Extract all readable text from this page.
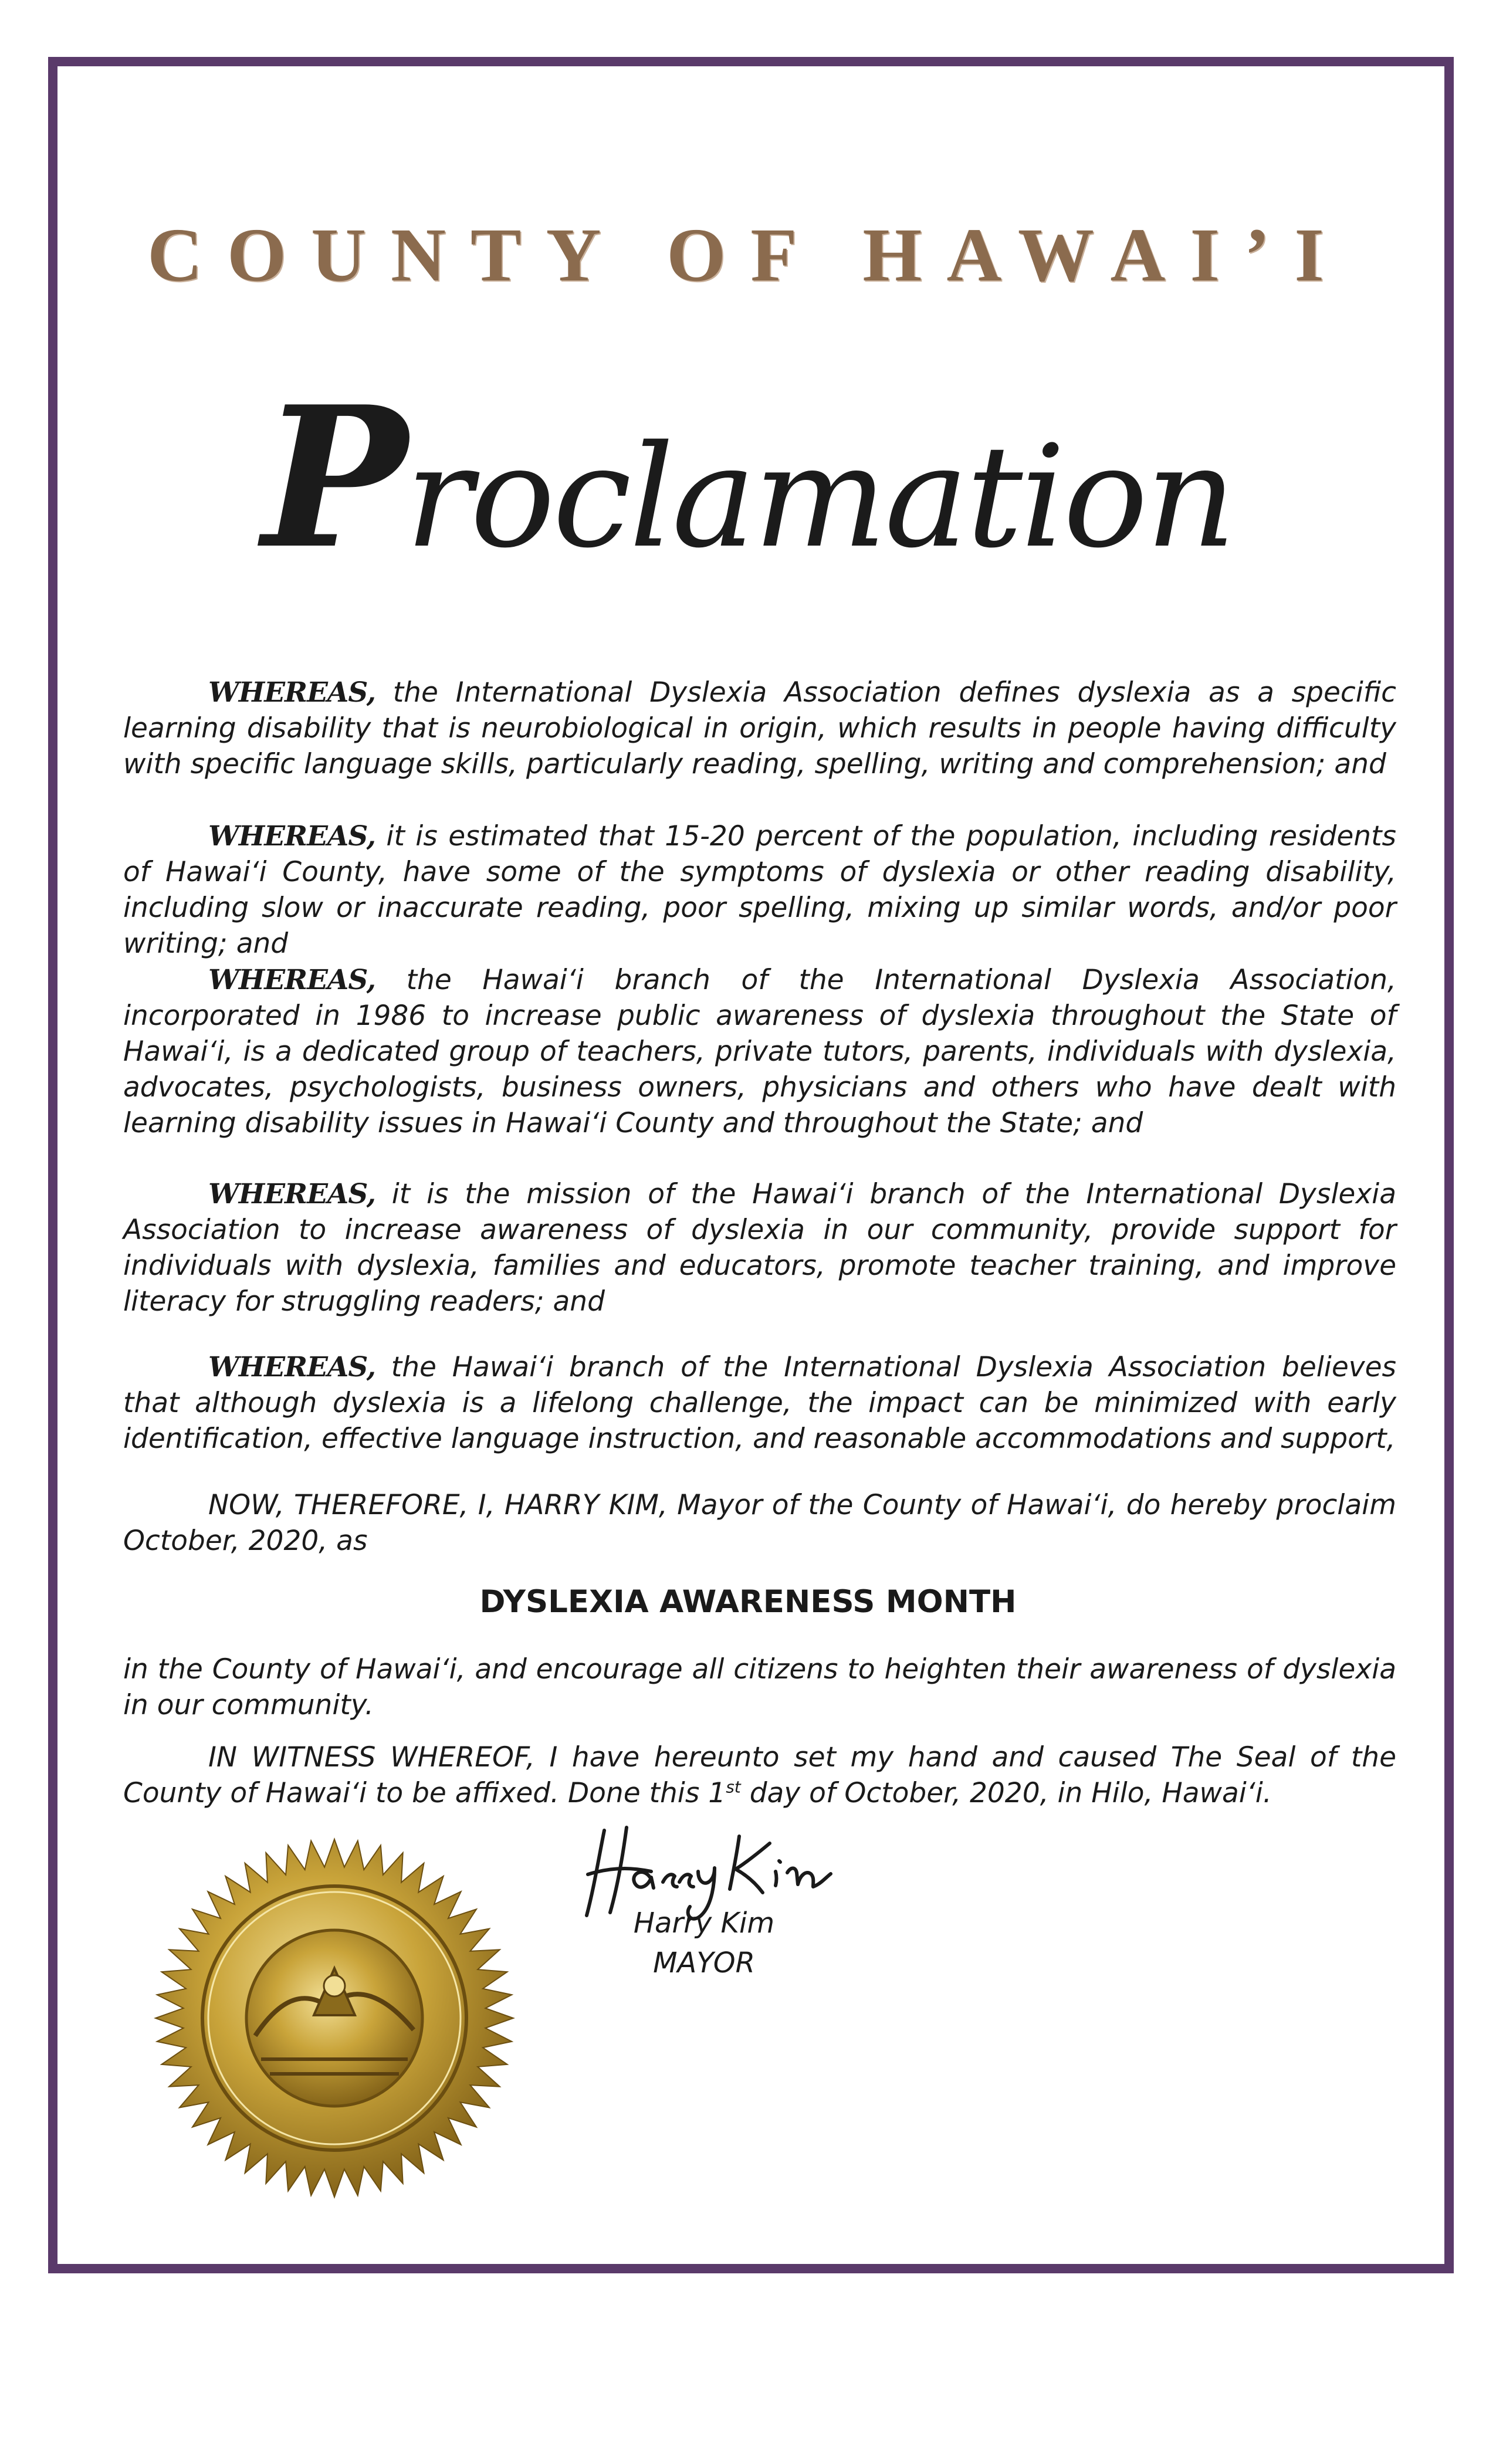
COUNTY OF HAWAI’I
Proclamation

WHEREAS, the International Dyslexia Association defines dyslexia as a specific learning disability that is neurobiological in origin, which results in people having difficulty with specific language skills, particularly reading, spelling, writing and comprehension; and

WHEREAS, it is estimated that 15-20 percent of the population, including residents of Hawai‘i County, have some of the symptoms of dyslexia or other reading disability, including slow or inaccurate reading, poor spelling, mixing up similar words, and/or poor writing; and

WHEREAS, the Hawai‘i branch of the International Dyslexia Association, incorporated in 1986 to increase public awareness of dyslexia throughout the State of Hawai‘i, is a dedicated group of teachers, private tutors, parents, individuals with dyslexia, advocates, psychologists, business owners, physicians and others who have dealt with learning disability issues in Hawai‘i County and throughout the State; and

WHEREAS, it is the mission of the Hawai‘i branch of the International Dyslexia Association to increase awareness of dyslexia in our community, provide support for individuals with dyslexia, families and educators, promote teacher training, and improve literacy for struggling readers; and

WHEREAS, the Hawai‘i branch of the International Dyslexia Association believes that although dyslexia is a lifelong challenge, the impact can be minimized with early identification, effective language instruction, and reasonable accommodations and support,

NOW, THEREFORE, I, HARRY KIM, Mayor of the County of Hawai‘i, do hereby proclaim October, 2020, as

DYSLEXIA AWARENESS MONTH

in the County of Hawai‘i, and encourage all citizens to heighten their awareness of dyslexia in our community.

IN WITNESS WHEREOF, I have hereunto set my hand and caused The Seal of the County of Hawai‘i to be affixed. Done this 1st day of October, 2020, in Hilo, Hawai‘i.

Harry Kim
MAYOR
